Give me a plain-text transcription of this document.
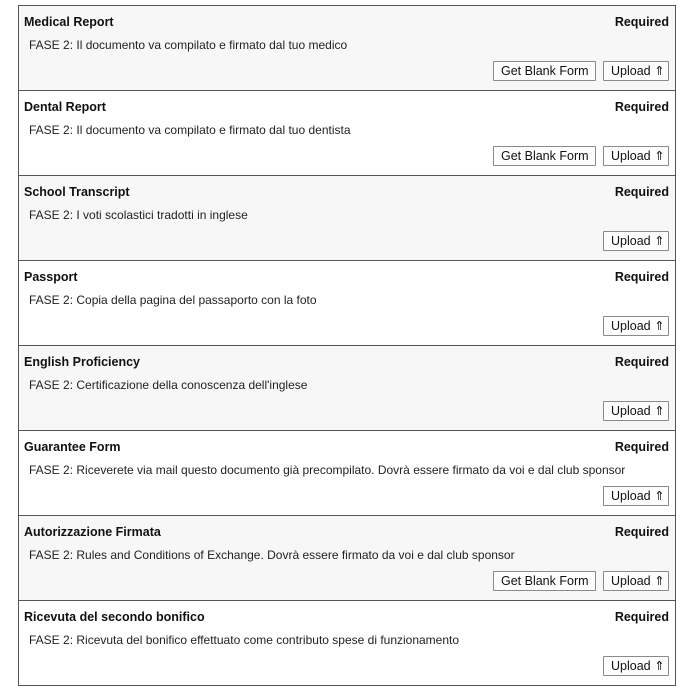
Medical Report	Required
FASE 2: Il documento va compilato e firmato dal tuo medico
Get Blank Form	Upload ⇑
Dental Report	Required
FASE 2: Il documento va compilato e firmato dal tuo dentista
Get Blank Form	Upload ⇑
School Transcript	Required
FASE 2: I voti scolastici tradotti in inglese
Upload ⇑
Passport	Required
FASE 2: Copia della pagina del passaporto con la foto
Upload ⇑
English Proficiency	Required
FASE 2: Certificazione della conoscenza dell'inglese
Upload ⇑
Guarantee Form	Required
FASE 2: Riceverete via mail questo documento già precompilato. Dovrà essere firmato da voi e dal club sponsor
Upload ⇑
Autorizzazione Firmata	Required
FASE 2: Rules and Conditions of Exchange. Dovrà essere firmato da voi e dal club sponsor
Get Blank Form	Upload ⇑
Ricevuta del secondo bonifico	Required
FASE 2: Ricevuta del bonifico effettuato come contributo spese di funzionamento
Upload ⇑
